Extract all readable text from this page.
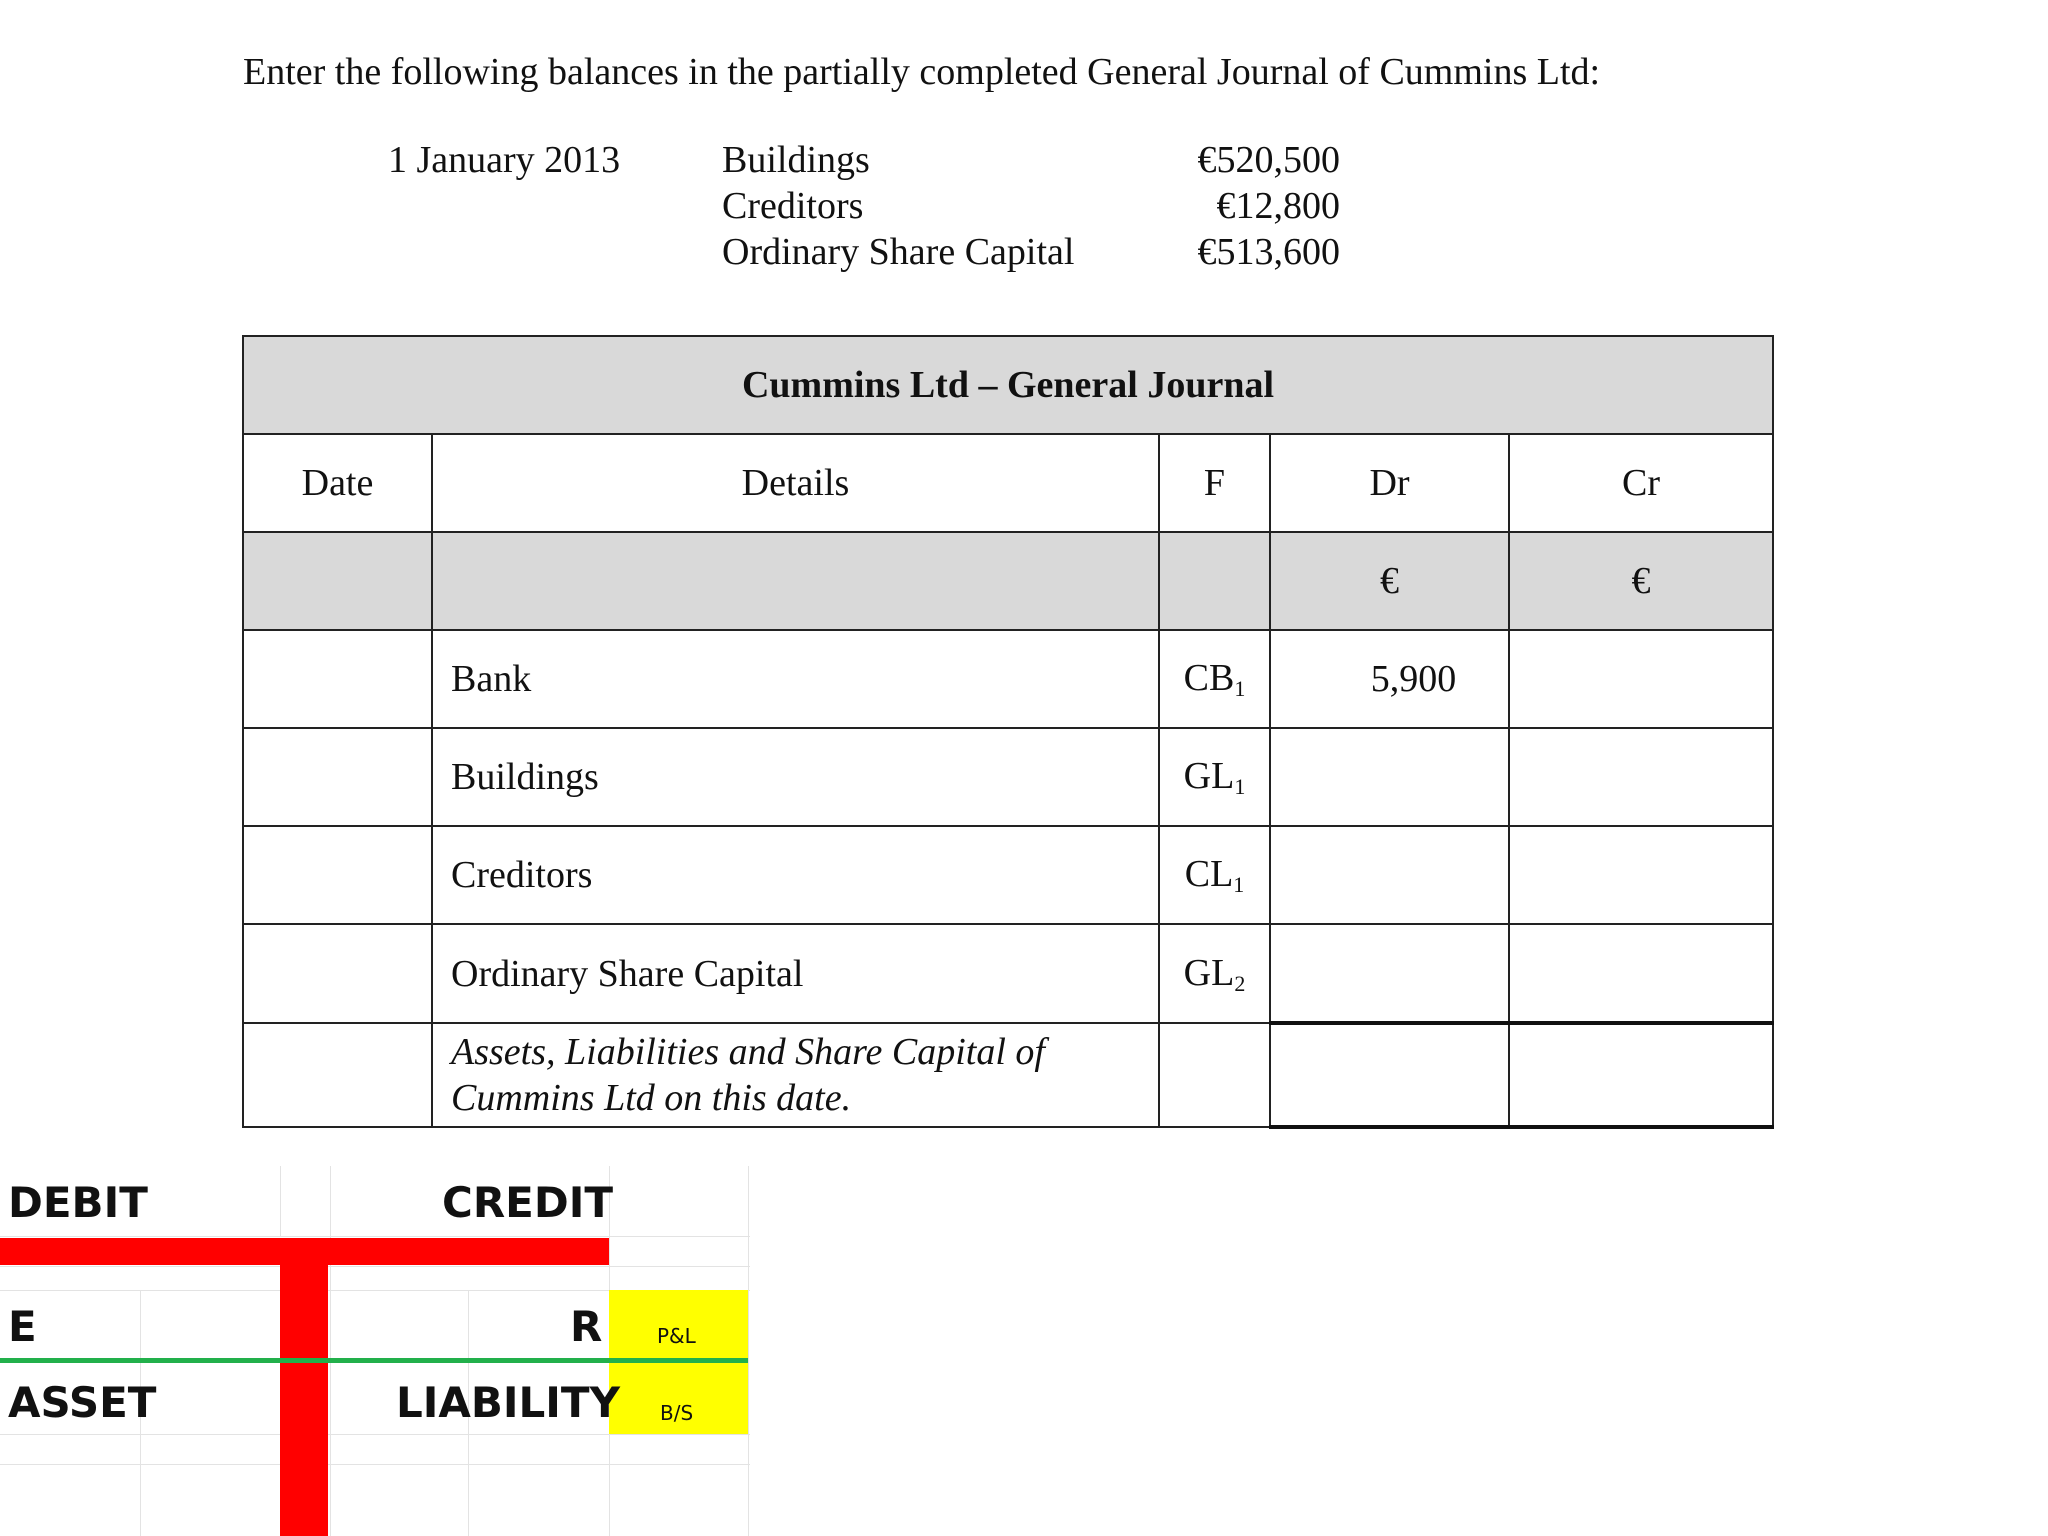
Enter the following balances in the partially completed General Journal of Cummins Ltd:
1 January 2013	Buildings	€520,500
Creditors	€12,800
Ordinary Share Capital	€513,600
Cummins Ltd – General Journal				
Date	Details	F	Dr	Cr
			€	€
	Bank	$CB_1$	5,900	
	Buildings	$GL_1$		
	Creditors	$CL_1$		
	Ordinary Share Capital	$GL_2$		

	Assets, Liabilities and Share Capital of
Cummins Ltd on this date.			

DEBIT	CREDIT
E	R	P&L
ASSET	LIABILITY B/S
